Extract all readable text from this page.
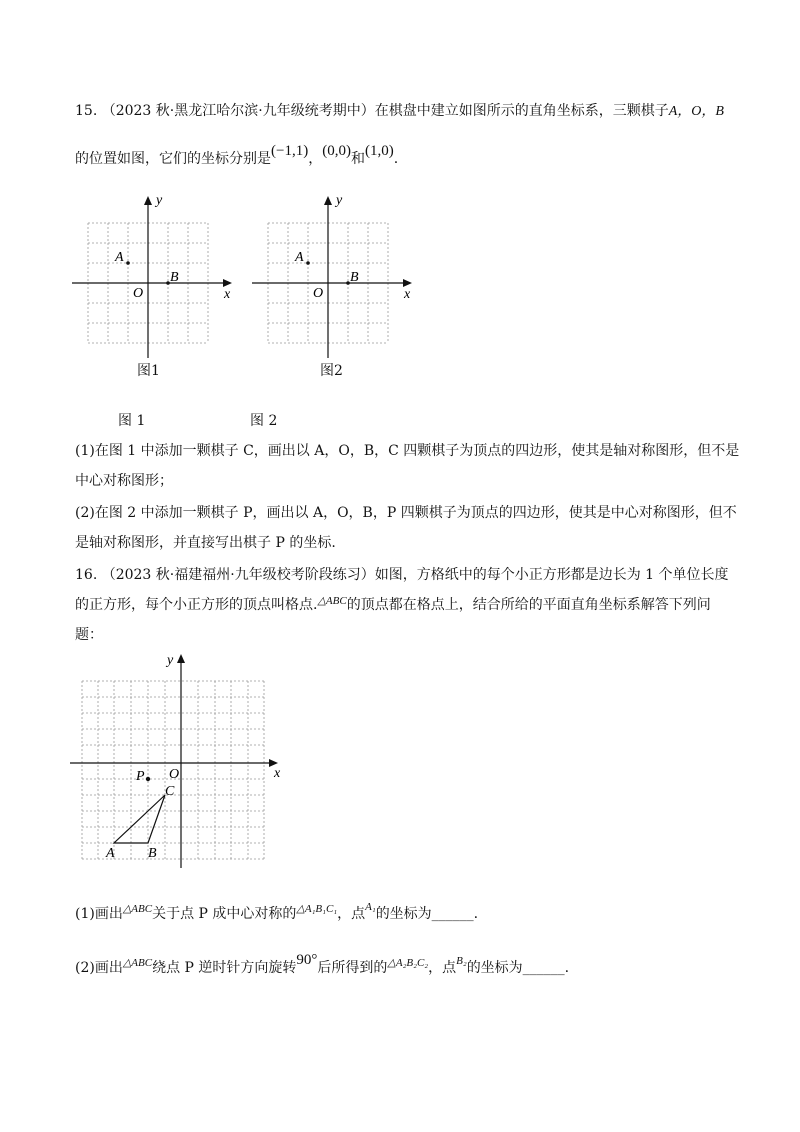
15. （2023 秋·黑龙江哈尔滨·九年级统考期中）在棋盘中建立如图所示的直角坐标系，三颗棋子A，O，B
的位置如图，它们的坐标分别是(−1,1)，(0,0)和(1,0).
y
x
O
A
B
图1
y
x
O
A
B
图2
图 1	图 2
(1)在图 1 中添加一颗棋子 C，画出以 A，O，B，C 四颗棋子为顶点的四边形，使其是轴对称图形，但不是
中心对称图形；
(2)在图 2 中添加一颗棋子 P，画出以 A，O，B，P 四颗棋子为顶点的四边形，使其是中心对称图形，但不
是轴对称图形，并直接写出棋子 P 的坐标.
16. （2023 秋·福建福州·九年级校考阶段练习）如图，方格纸中的每个小正方形都是边长为 1 个单位长度
的正方形，每个小正方形的顶点叫格点.$^{\triangle ABC}$的顶点都在格点上，结合所给的平面直角坐标系解答下列问
题：
y
x
O
P
C
A B
(1)画出$^{\triangle ABC}$关于点 P 成中心对称的$^{\triangle A_1B_1C_1}$，点$^{A_1}$的坐标为______.
(2)画出$^{\triangle ABC}$绕点 P 逆时针方向旋转90°后所得到的$^{\triangle A_2B_2C_2}$，点$^{B_2}$的坐标为______.
